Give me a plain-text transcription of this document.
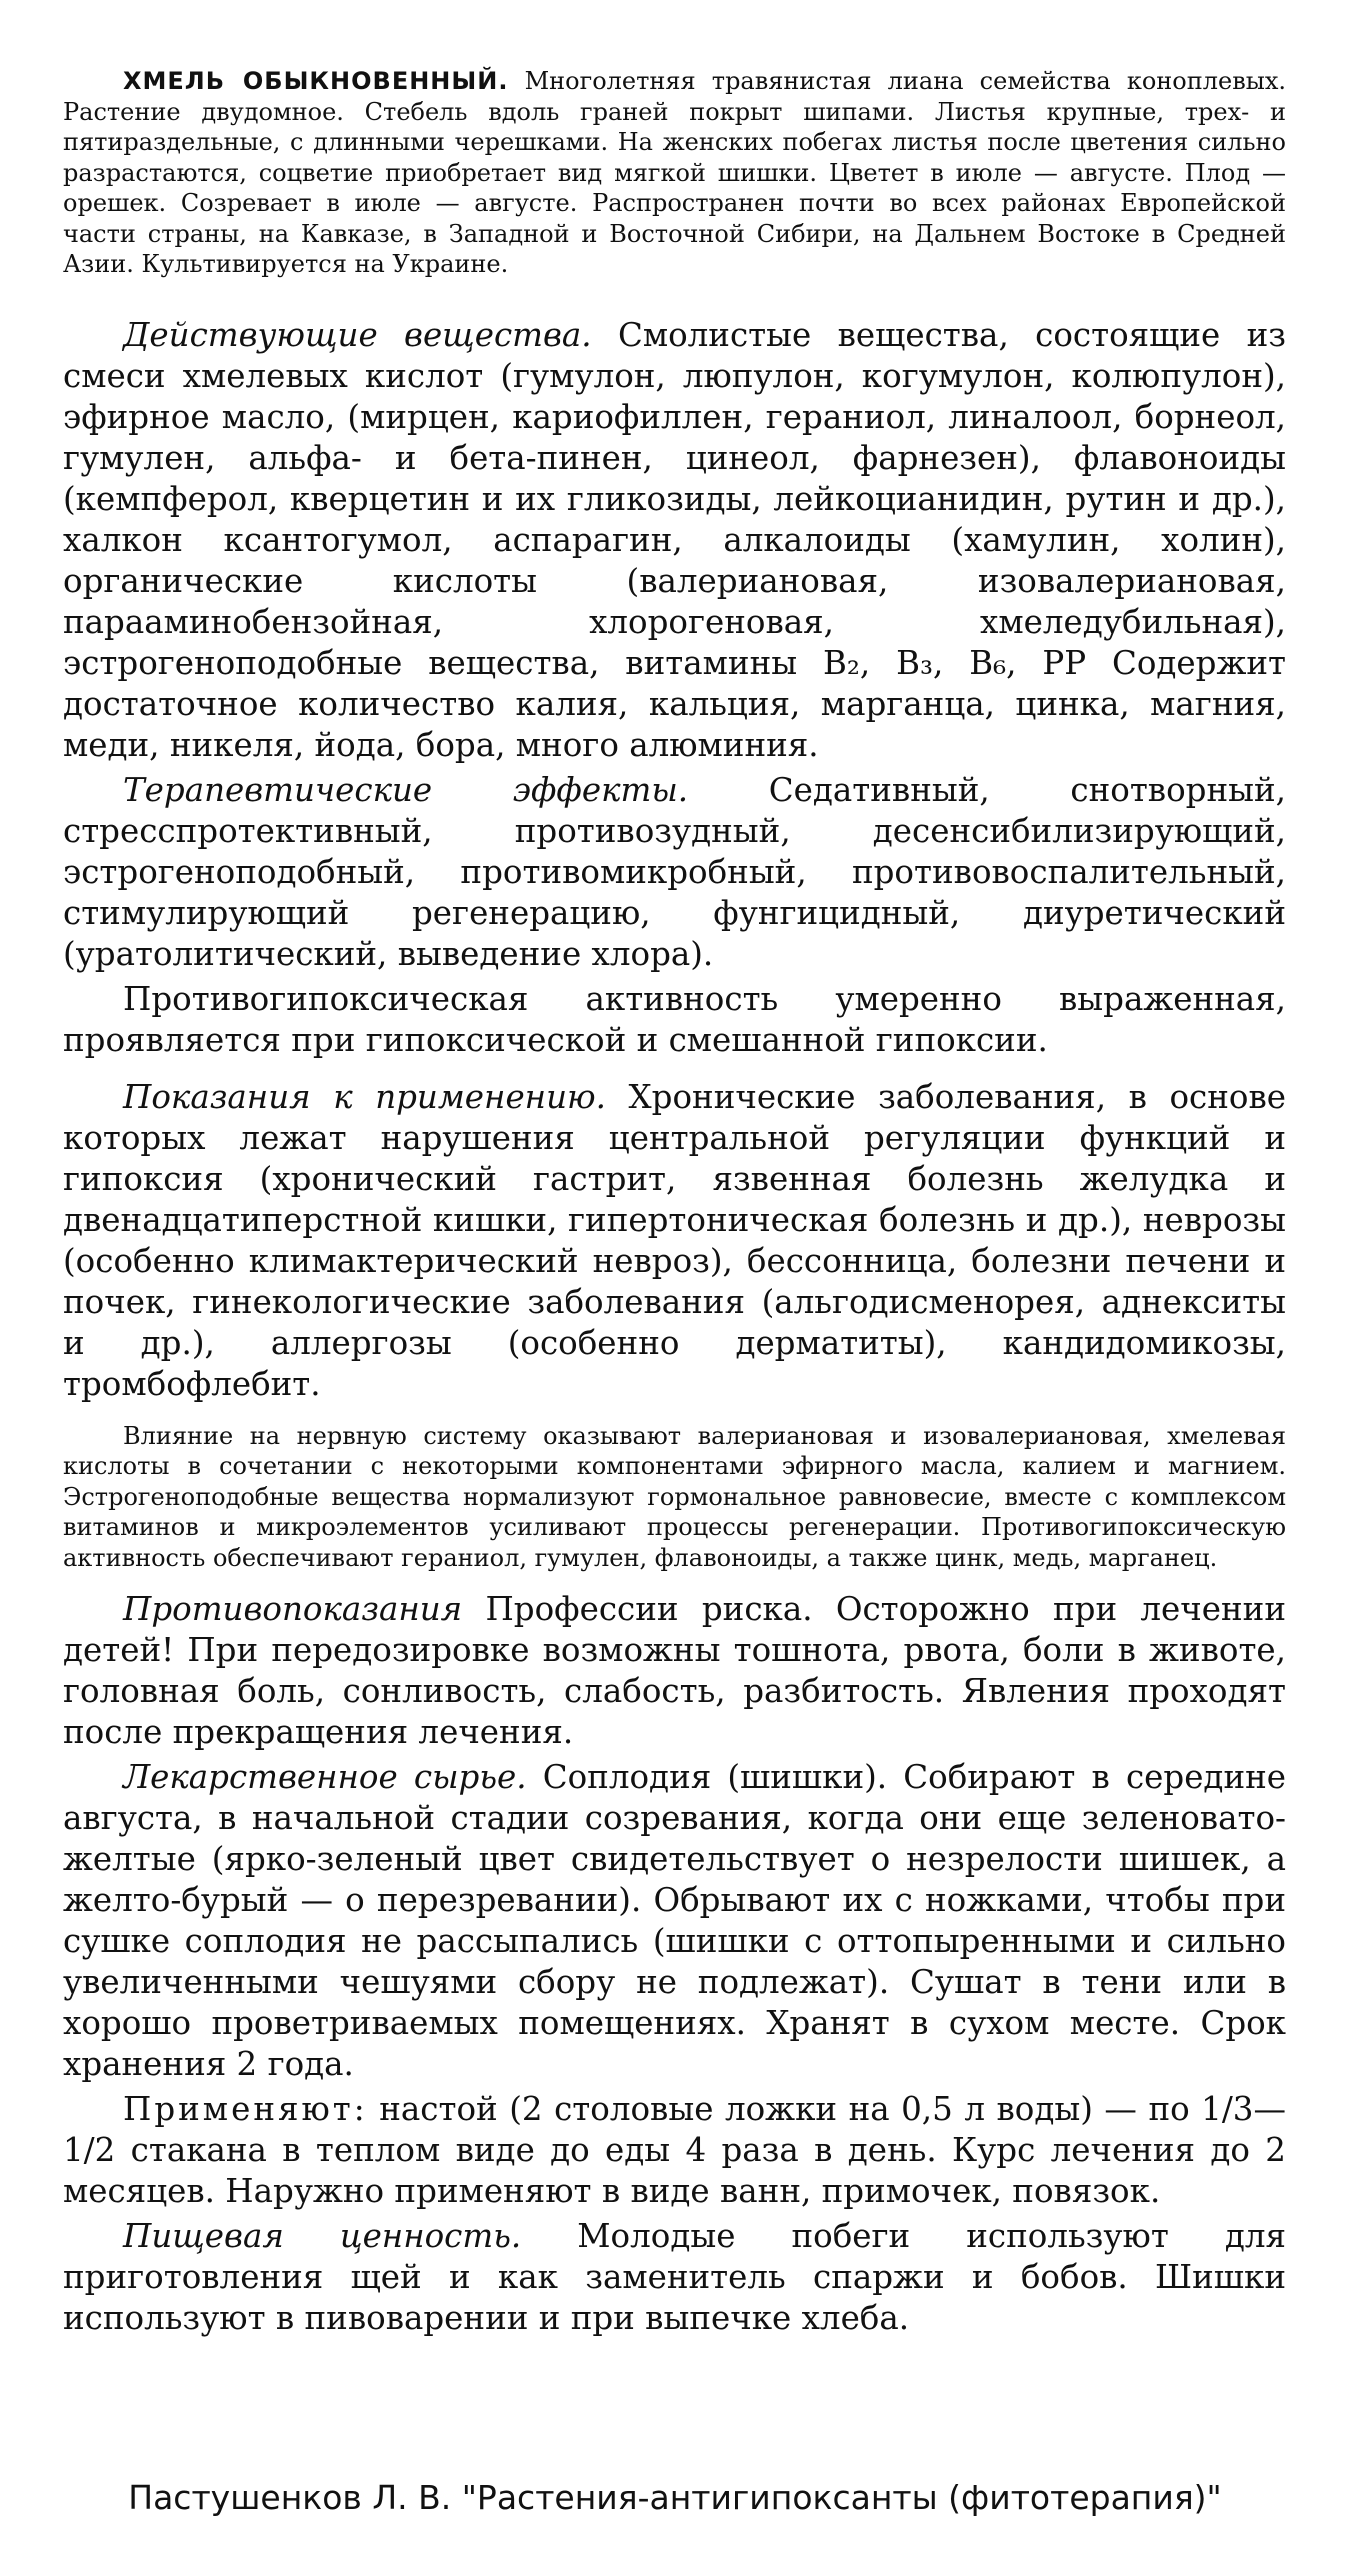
ХМЕЛЬ ОБЫКНОВЕННЫЙ. Многолетняя травянистая лиана семейства коноплевых. Растение двудомное. Стебель вдоль граней покрыт шипами. Листья крупные, трех- и пятираздельные, с длинными черешками. На женских побегах листья после цветения сильно разрастаются, соцветие приобретает вид мягкой шишки. Цветет в июле — августе. Плод — орешек. Созревает в июле — августе. Распространен почти во всех районах Европейской части страны, на Кавказе, в Западной и Восточной Сибири, на Дальнем Востоке в Средней Азии. Культивируется на Украине.

Действующие вещества. Смолистые вещества, состоящие из смеси хмелевых кислот (гумулон, люпулон, когумулон, колюпулон), эфирное масло, (мирцен, кариофиллен, гераниол, линалоол, борнеол, гумулен, альфа- и бета-пинен, цинеол, фарнезен), флавоноиды (кемпферол, кверцетин и их гликозиды, лейкоцианидин, рутин и др.), халкон ксантогумол, аспарагин, алкалоиды (хамулин, холин), органические кислоты (валериановая, изовалериановая, парааминобензойная, хлорогеновая, хмеледубильная), эстрогеноподобные вещества, витамины B₂, B₃, B₆, PP Содержит достаточное количество калия, кальция, марганца, цинка, магния, меди, никеля, йода, бора, много алюминия.

Терапевтические эффекты. Седативный, снотворный, стресспротективный, противозудный, десенсибилизирующий, эстрогеноподобный, противомикробный, противовоспалительный, стимулирующий регенерацию, фунгицидный, диуретический (уратолитический, выведение хлора).

Противогипоксическая активность умеренно выраженная, проявляется при гипоксической и смешанной гипоксии.

Показания к применению. Хронические заболевания, в основе которых лежат нарушения центральной регуляции функций и гипоксия (хронический гастрит, язвенная болезнь желудка и двенадцатиперстной кишки, гипертоническая болезнь и др.), неврозы (особенно климактерический невроз), бессонница, болезни печени и почек, гинекологические заболевания (альгодисменорея, аднекситы и др.), аллергозы (особенно дерматиты), кандидомикозы, тромбофлебит.

Влияние на нервную систему оказывают валериановая и изовалериановая, хмелевая кислоты в сочетании с некоторыми компонентами эфирного масла, калием и магнием. Эстрогеноподобные вещества нормализуют гормональное равновесие, вместе с комплексом витаминов и микроэлементов усиливают процессы регенерации. Противогипоксическую активность обеспечивают гераниол, гумулен, флавоноиды, а также цинк, медь, марганец.

Противопоказания Профессии риска. Осторожно при лечении детей! При передозировке возможны тошнота, рвота, боли в животе, головная боль, сонливость, слабость, разбитость. Явления проходят после прекращения лечения.

Лекарственное сырье. Соплодия (шишки). Собирают в середине августа, в начальной стадии созревания, когда они еще зеленовато-желтые (ярко-зеленый цвет свидетельствует о незрелости шишек, а желто-бурый — о перезревании). Обрывают их с ножками, чтобы при сушке соплодия не рассыпались (шишки с оттопыренными и сильно увеличенными чешуями сбору не подлежат). Сушат в тени или в хорошо проветриваемых помещениях. Хранят в сухом месте. Срок хранения 2 года.

Применяют: настой (2 столовые ложки на 0,5 л воды) — по 1/3—1/2 стакана в теплом виде до еды 4 раза в день. Курс лечения до 2 месяцев. Наружно применяют в виде ванн, примочек, повязок.

Пищевая ценность. Молодые побеги используют для приготовления щей и как заменитель спаржи и бобов. Шишки используют в пивоварении и при выпечке хлеба.

Пастушенков Л. В. "Растения-антигипоксанты (фитотерапия)"
